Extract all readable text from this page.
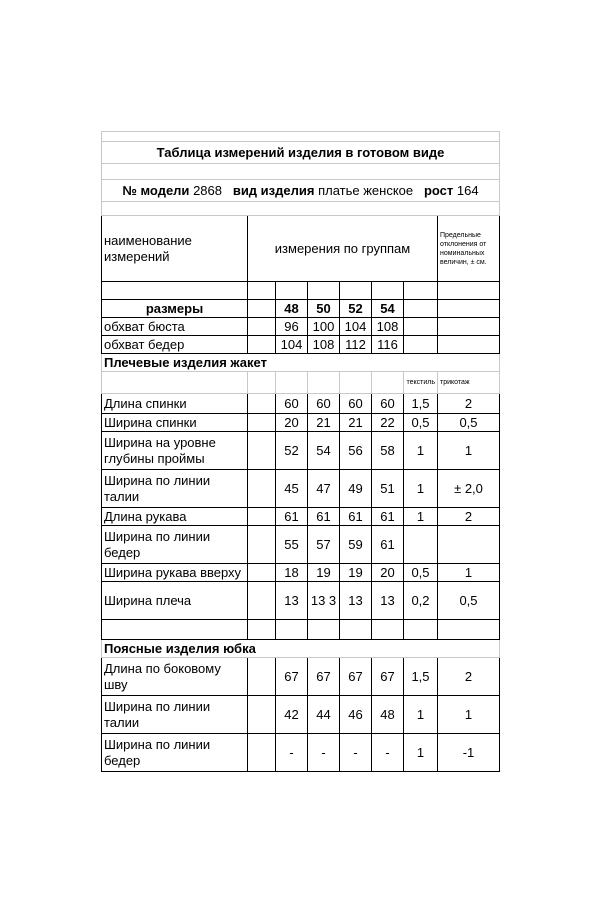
Таблица измерений изделия в готовом виде							

№ модели 2868 вид изделия платье женское рост 164							

наименование измерений	измерения по группам						Предельные отклонения от номинальных величин, ± см.

размеры		48	50	52	54		
обхват бюста		96	100	104	108		
обхват бедер		104	108	112	116		
Плечевые изделия жакет							
						текстиль	трикотаж
Длина спинки		60	60	60	60	1,5	2
Ширина спинки		20	21	21	22	0,5	0,5
Ширина на уровне глубины проймы		52	54	56	58	1	1
Ширина по линии талии		45	47	49	51	1	± 2,0
Длина рукава		61	61	61	61	1	2
Ширина по линии бедер		55	57	59	61		
Ширина рукава вверху		18	19	19	20	0,5	1
Ширина плеча		13	13 3	13	13	0,2	0,5

Поясные изделия юбка							
Длина по боковому шву		67	67	67	67	1,5	2
Ширина по линии талии		42	44	46	48	1	1
Ширина по линии бедер		-	-	-	-	1	-1
